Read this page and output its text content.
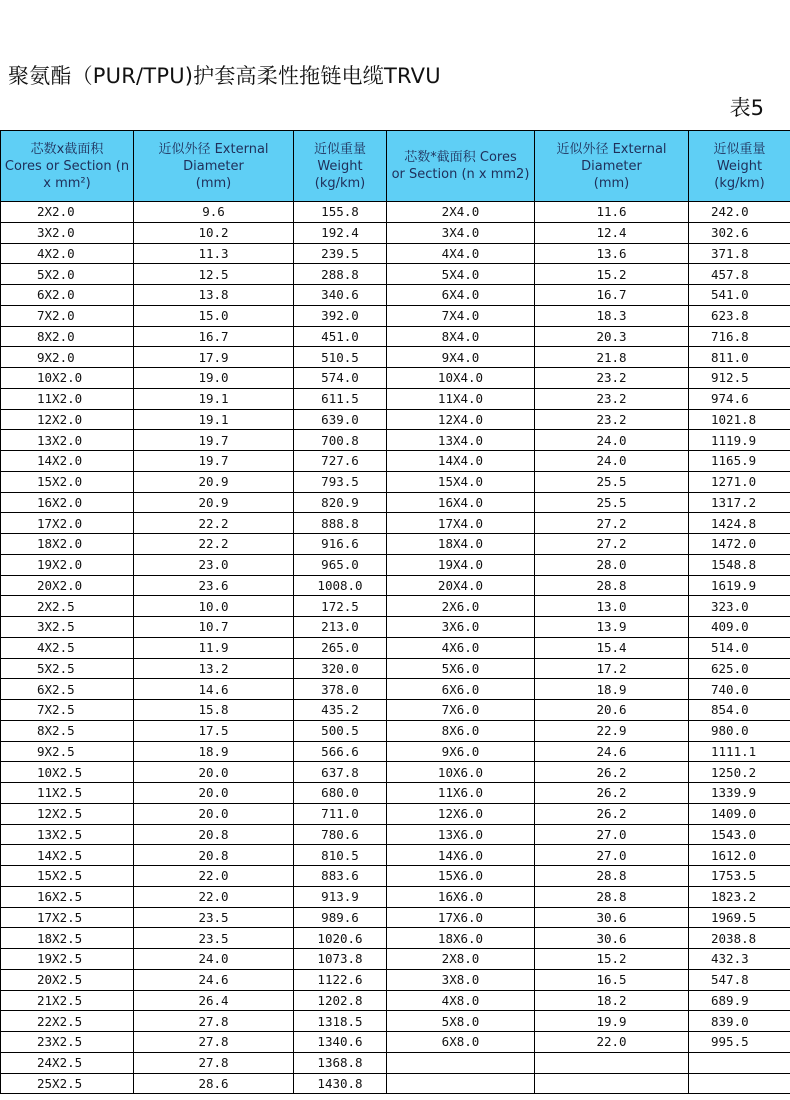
聚氨酯（PUR/TPU)护套高柔性拖链电缆TRVU
表5
芯数x截面积
Cores or Section (n x mm²)	近似外径 External
Diameter
(mm)	近似重量
Weight
(kg/km)	芯数*截面积 Cores
or Section (n x mm2)	近似外径 External
Diameter
(mm)	近似重量
Weight (kg/km)
2X2.0	9.6	155.8	2X4.0	11.6	242.0
3X2.0	10.2	192.4	3X4.0	12.4	302.6
4X2.0	11.3	239.5	4X4.0	13.6	371.8
5X2.0	12.5	288.8	5X4.0	15.2	457.8
6X2.0	13.8	340.6	6X4.0	16.7	541.0
7X2.0	15.0	392.0	7X4.0	18.3	623.8
8X2.0	16.7	451.0	8X4.0	20.3	716.8
9X2.0	17.9	510.5	9X4.0	21.8	811.0
10X2.0	19.0	574.0	10X4.0	23.2	912.5
11X2.0	19.1	611.5	11X4.0	23.2	974.6
12X2.0	19.1	639.0	12X4.0	23.2	1021.8
13X2.0	19.7	700.8	13X4.0	24.0	1119.9
14X2.0	19.7	727.6	14X4.0	24.0	1165.9
15X2.0	20.9	793.5	15X4.0	25.5	1271.0
16X2.0	20.9	820.9	16X4.0	25.5	1317.2
17X2.0	22.2	888.8	17X4.0	27.2	1424.8
18X2.0	22.2	916.6	18X4.0	27.2	1472.0
19X2.0	23.0	965.0	19X4.0	28.0	1548.8
20X2.0	23.6	1008.0	20X4.0	28.8	1619.9
2X2.5	10.0	172.5	2X6.0	13.0	323.0
3X2.5	10.7	213.0	3X6.0	13.9	409.0
4X2.5	11.9	265.0	4X6.0	15.4	514.0
5X2.5	13.2	320.0	5X6.0	17.2	625.0
6X2.5	14.6	378.0	6X6.0	18.9	740.0
7X2.5	15.8	435.2	7X6.0	20.6	854.0
8X2.5	17.5	500.5	8X6.0	22.9	980.0
9X2.5	18.9	566.6	9X6.0	24.6	1111.1
10X2.5	20.0	637.8	10X6.0	26.2	1250.2
11X2.5	20.0	680.0	11X6.0	26.2	1339.9
12X2.5	20.0	711.0	12X6.0	26.2	1409.0
13X2.5	20.8	780.6	13X6.0	27.0	1543.0
14X2.5	20.8	810.5	14X6.0	27.0	1612.0
15X2.5	22.0	883.6	15X6.0	28.8	1753.5
16X2.5	22.0	913.9	16X6.0	28.8	1823.2
17X2.5	23.5	989.6	17X6.0	30.6	1969.5
18X2.5	23.5	1020.6	18X6.0	30.6	2038.8
19X2.5	24.0	1073.8	2X8.0	15.2	432.3
20X2.5	24.6	1122.6	3X8.0	16.5	547.8
21X2.5	26.4	1202.8	4X8.0	18.2	689.9
22X2.5	27.8	1318.5	5X8.0	19.9	839.0
23X2.5	27.8	1340.6	6X8.0	22.0	995.5
24X2.5	27.8	1368.8			
25X2.5	28.6	1430.8			
